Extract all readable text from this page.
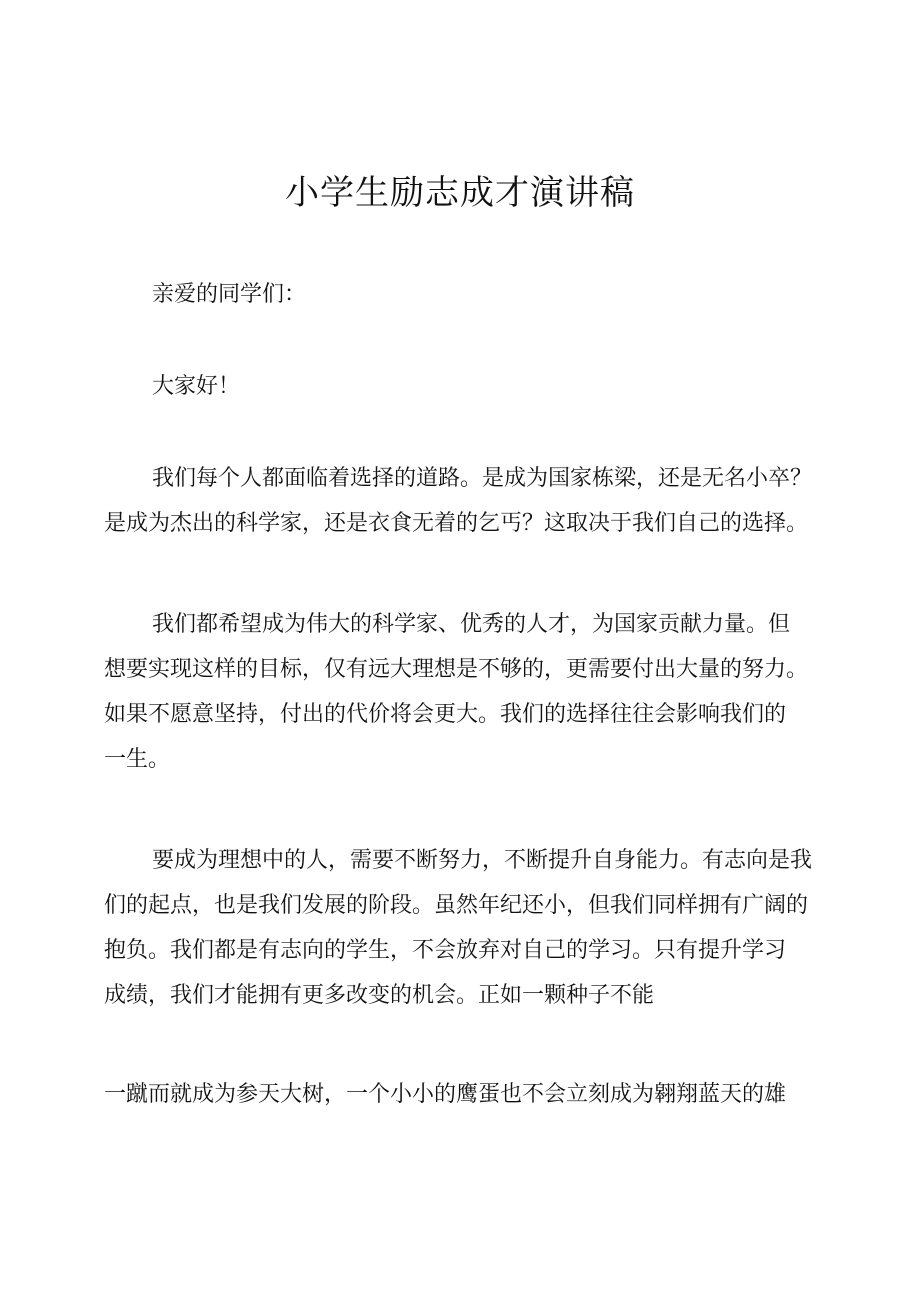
小学生励志成才演讲稿
亲爱的同学们：
大家好！
我们每个人都面临着选择的道路。是成为国家栋梁，还是无名小卒？
是成为杰出的科学家，还是衣食无着的乞丐？这取决于我们自己的选择。
我们都希望成为伟大的科学家、优秀的人才，为国家贡献力量。但
想要实现这样的目标，仅有远大理想是不够的，更需要付出大量的努力。
如果不愿意坚持，付出的代价将会更大。我们的选择往往会影响我们的
一生。
要成为理想中的人，需要不断努力，不断提升自身能力。有志向是我
们的起点，也是我们发展的阶段。虽然年纪还小，但我们同样拥有广阔的
抱负。我们都是有志向的学生，不会放弃对自己的学习。只有提升学习
成绩，我们才能拥有更多改变的机会。正如一颗种子不能
一蹴而就成为参天大树，一个小小的鹰蛋也不会立刻成为翱翔蓝天的雄
